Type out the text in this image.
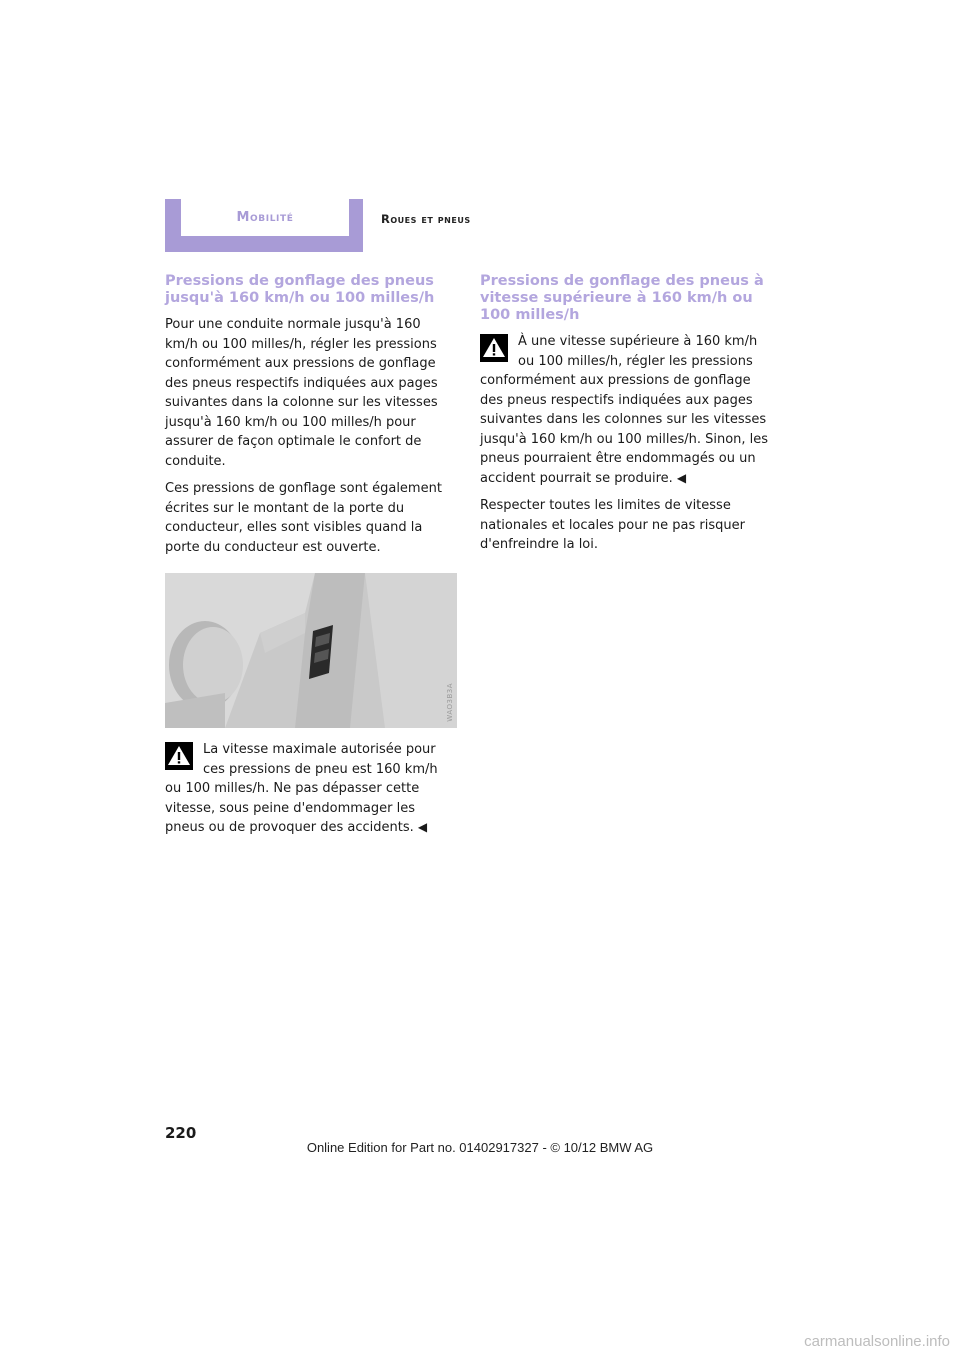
Mobilité	Roues et pneus
Pressions de gonflage des pneus jusqu'à 160 km/h ou 100 milles/h

Pour une conduite normale jusqu'à 160 km/h ou 100 milles/h, régler les pressions conformément aux pressions de gonflage des pneus respectifs indiquées aux pages suivantes dans la colonne sur les vitesses jusqu'à 160 km/h ou 100 milles/h pour assurer de façon optimale le confort de conduite.

Ces pressions de gonflage sont également écrites sur le montant de la porte du conducteur, elles sont visibles quand la porte du conducteur est ouverte.

WAO3B3A

La vitesse maximale autorisée pour ces pressions de pneu est 160 km/h ou 100 milles/h. Ne pas dépasser cette vitesse, sous peine d'endommager les pneus ou de provoquer des accidents. ◀

Pressions de gonflage des pneus à vitesse supérieure à 160 km/h ou 100 milles/h

À une vitesse supérieure à 160 km/h ou 100 milles/h, régler les pressions conformément aux pressions de gonflage des pneus respectifs indiquées aux pages suivantes dans les colonnes sur les vitesses jusqu'à 160 km/h ou 100 milles/h. Sinon, les pneus pourraient être endommagés ou un accident pourrait se produire. ◀

Respecter toutes les limites de vitesse nationales et locales pour ne pas risquer d'enfreindre la loi.

220
Online Edition for Part no. 01402917327 - © 10/12 BMW AG
carmanualsonline.info
